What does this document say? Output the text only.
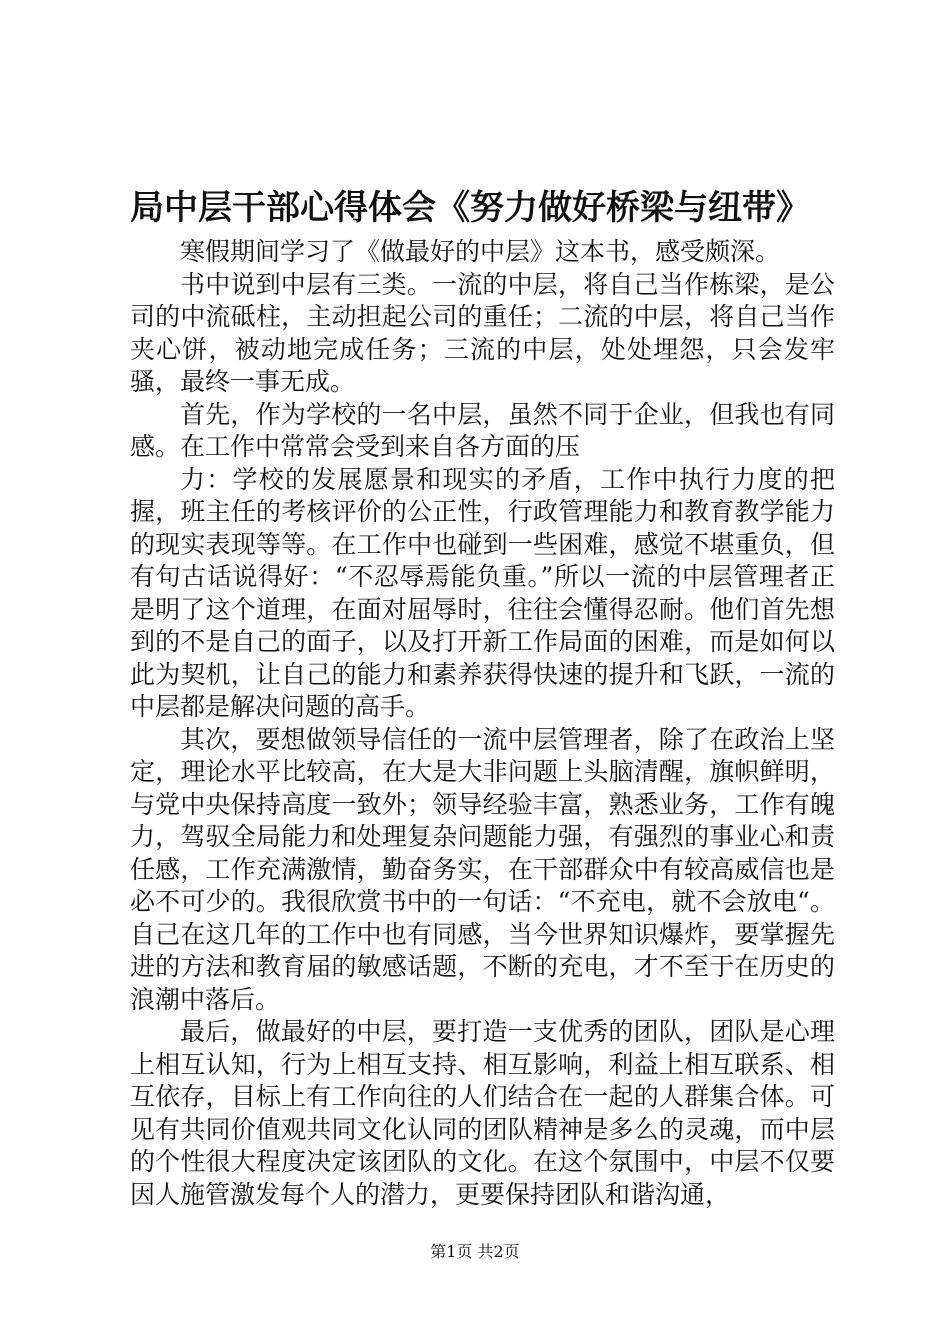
局中层干部心得体会《努力做好桥梁与纽带》

寒假期间学习了《做最好的中层》这本书，感受颇深。

书中说到中层有三类。一流的中层，将自己当作栋梁，是公司的中流砥柱，主动担起公司的重任；二流的中层，将自己当作夹心饼，被动地完成任务；三流的中层，处处埋怨，只会发牢骚，最终一事无成。

首先，作为学校的一名中层，虽然不同于企业，但我也有同感。在工作中常常会受到来自各方面的压

力：学校的发展愿景和现实的矛盾，工作中执行力度的把握，班主任的考核评价的公正性，行政管理能力和教育教学能力的现实表现等等。在工作中也碰到一些困难，感觉不堪重负，但有句古话说得好：“不忍辱焉能负重。”所以一流的中层管理者正是明了这个道理，在面对屈辱时，往往会懂得忍耐。他们首先想到的不是自己的面子，以及打开新工作局面的困难，而是如何以此为契机，让自己的能力和素养获得快速的提升和飞跃，一流的中层都是解决问题的高手。

其次，要想做领导信任的一流中层管理者，除了在政治上坚定，理论水平比较高，在大是大非问题上头脑清醒，旗帜鲜明，与党中央保持高度一致外；领导经验丰富，熟悉业务，工作有魄力，驾驭全局能力和处理复杂问题能力强，有强烈的事业心和责任感，工作充满激情，勤奋务实，在干部群众中有较高威信也是必不可少的。我很欣赏书中的一句话：“不充电，就不会放电“。自己在这几年的工作中也有同感，当今世界知识爆炸，要掌握先进的方法和教育届的敏感话题，不断的充电，才不至于在历史的浪潮中落后。

最后，做最好的中层，要打造一支优秀的团队，团队是心理上相互认知，行为上相互支持、相互影响，利益上相互联系、相互依存，目标上有工作向往的人们结合在一起的人群集合体。可见有共同价值观共同文化认同的团队精神是多么的灵魂，而中层的个性很大程度决定该团队的文化。在这个氛围中，中层不仅要因人施管激发每个人的潜力，更要保持团队和谐沟通，

第1页 共2页
